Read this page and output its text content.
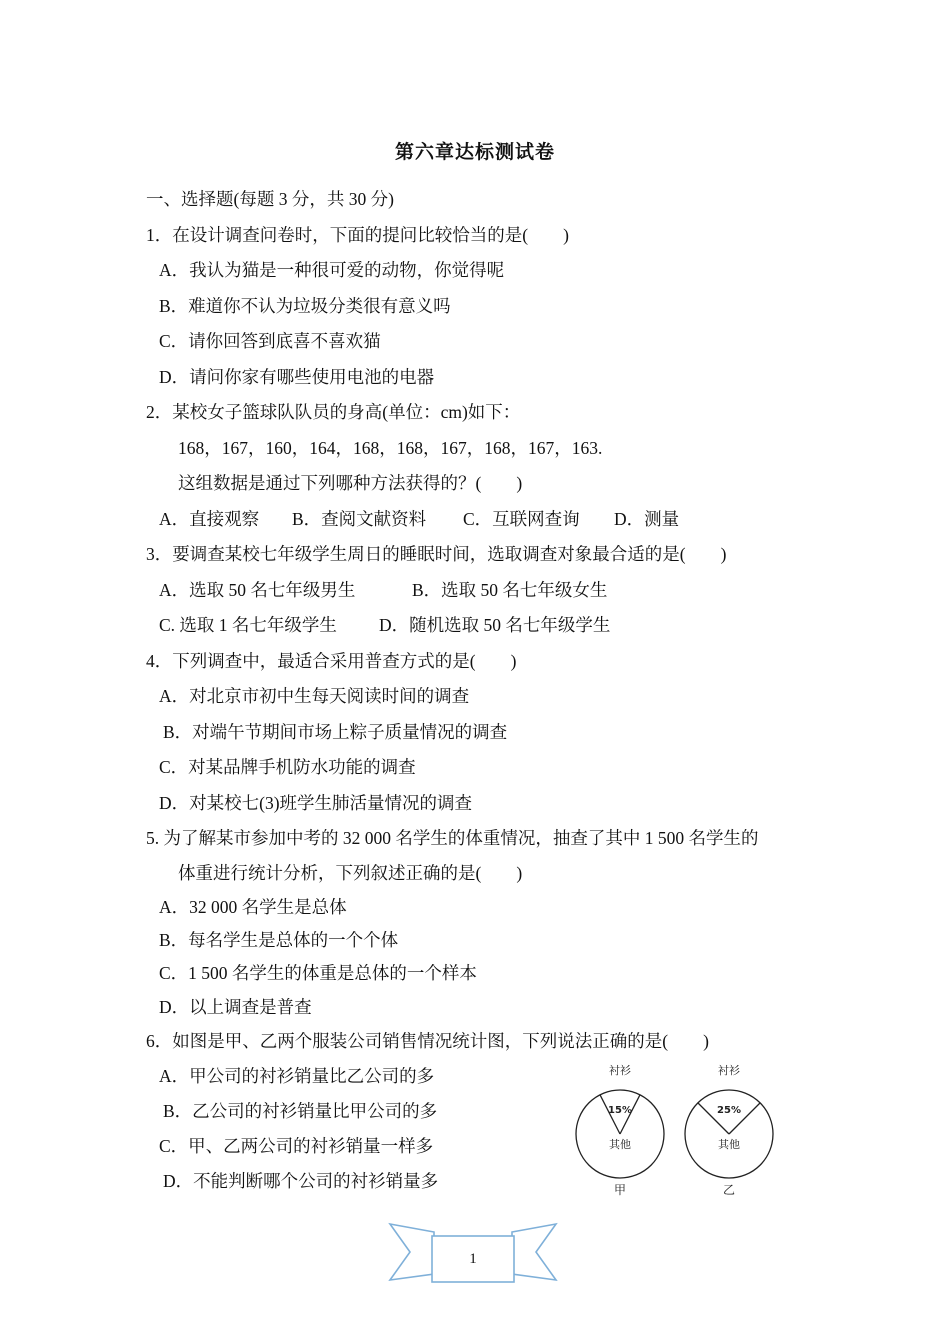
第六章达标测试卷
一、选择题(每题 3 分，共 30 分)
1．在设计调查问卷时，下面的提问比较恰当的是(　　)
A．我认为猫是一种很可爱的动物，你觉得呢
B．难道你不认为垃圾分类很有意义吗
C．请你回答到底喜不喜欢猫
D．请问你家有哪些使用电池的电器
2．某校女子篮球队队员的身高(单位：cm)如下：
168，167，160，164，168，168，167，168，167，163.
这组数据是通过下列哪种方法获得的？(　　)
A．直接观察 B．查阅文献资料 C．互联网查询 D．测量
3．要调查某校七年级学生周日的睡眠时间，选取调查对象最合适的是(　　)
A．选取 50 名七年级男生	B．选取 50 名七年级女生
C. 选取 1 名七年级学生 D．随机选取 50 名七年级学生
4．下列调查中，最适合采用普查方式的是(　　)
A．对北京市初中生每天阅读时间的调查
B．对端午节期间市场上粽子质量情况的调查
C．对某品牌手机防水功能的调查
D．对某校七(3)班学生肺活量情况的调查
5. 为了解某市参加中考的 32 000 名学生的体重情况，抽查了其中 1 500 名学生的
体重进行统计分析，下列叙述正确的是(　　)
A．32 000 名学生是总体
B．每名学生是总体的一个个体
C．1 500 名学生的体重是总体的一个样本
D．以上调查是普查
6．如图是甲、乙两个服装公司销售情况统计图，下列说法正确的是(　　)
A．甲公司的衬衫销量比乙公司的多
B．乙公司的衬衫销量比甲公司的多
C．甲、乙两公司的衬衫销量一样多
D．不能判断哪个公司的衬衫销量多
衬衫
15%
其他
甲
衬衫
25%
其他
乙
1
